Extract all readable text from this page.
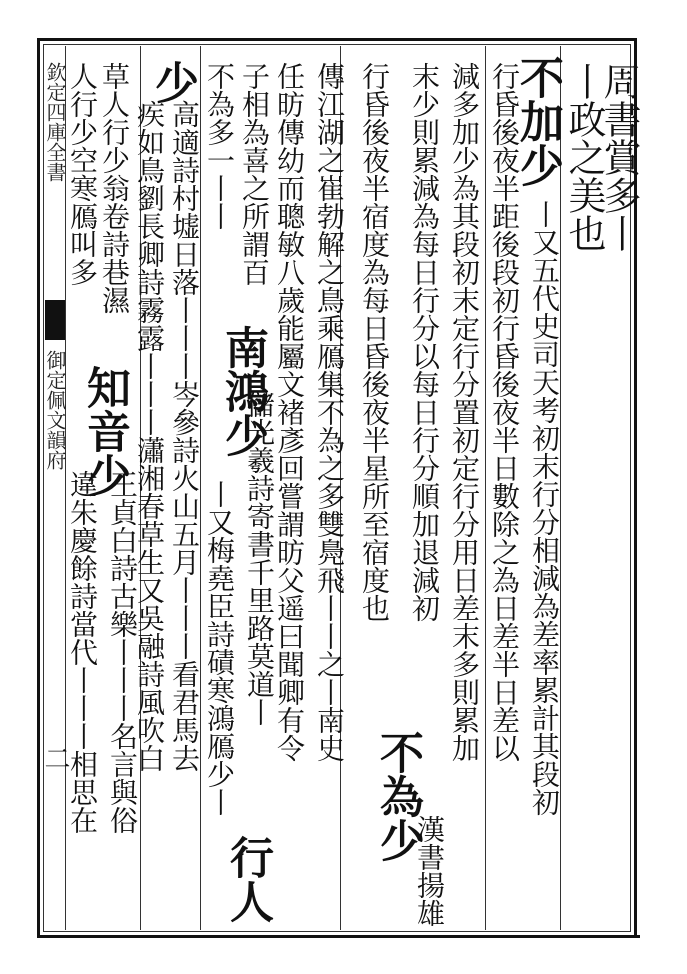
欽定四庫全書

御定佩文韻府

二

周書賞多丨

丨政之美也

不加少

丨又五代史司天考初末行分相減為差率累計其段初

行昏後夜半距後段初行昏後夜半日數除之為日差半日差以

減多加少為其段初末定行分置初定行分用日差末多則累加

末少則累減為每日行分以每日行分順加退減初

不為少

漢書揚雄

行昏後夜半宿度為每日昏後夜半星所至宿度也

傳江湖之崔勃解之鳥乘鴈集不為之多雙鳧飛丨丨之丨南史

任昉傳幼而聰敏八歲能屬文褚彥回嘗謂昉父遥曰聞卿有令

子相為喜之所謂百

南鴻少

丨又梅堯臣詩磧寒鴻鴈少丨

行人

不為多一丨丨

儲光羲詩寄書千里路莫道丨

少

高適詩村墟日落丨丨丨岑參詩火山五月丨丨丨看君馬去

疾如鳥劉長卿詩霧露丨丨丨瀟湘春草生又吳融詩風吹白

草人行少翁卷詩巷濕

知音少

王貞白詩古樂丨丨丨名言與俗

人行少空寒鴈叫多

違朱慶餘詩當代丨丨丨相思在
